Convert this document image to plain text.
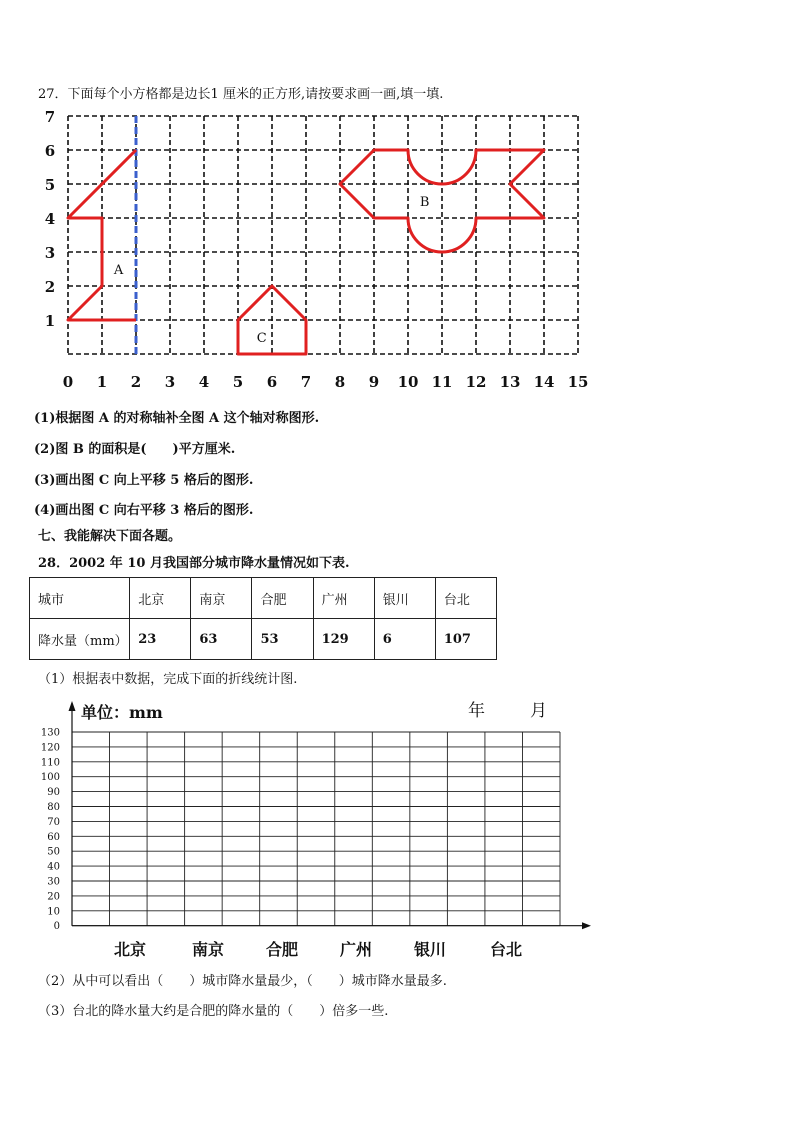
27．下面每个小方格都是边长1 厘米的正方形,请按要求画一画,填一填.
0 1 2 3 4 5 6 7 8 9 10 11 12 13 14 15
1
2
3
4
5
6
7
A
B
C
(1)根据图 A 的对称轴补全图 A 这个轴对称图形.
(2)图 B 的面积是(　　)平方厘米.
(3)画出图 C 向上平移 5 格后的图形.
(4)画出图 C 向右平移 3 格后的图形.
七、我能解决下面各题。
28．2002 年 10 月我国部分城市降水量情况如下表.
城市	北京	南京	合肥	广州	银川	台北
降水量（mm）	23	63	53	129	6	107
（1）根据表中数据，完成下面的折线统计图.
130
120
110
100
90
80
70
60
50
40
30
20
10
0
北京	南京	合肥	广州	银川	台北
单位：mm	年	月
（2）从中可以看出（　　）城市降水量最少，（　　）城市降水量最多.
（3）台北的降水量大约是合肥的降水量的（　　）倍多一些.
